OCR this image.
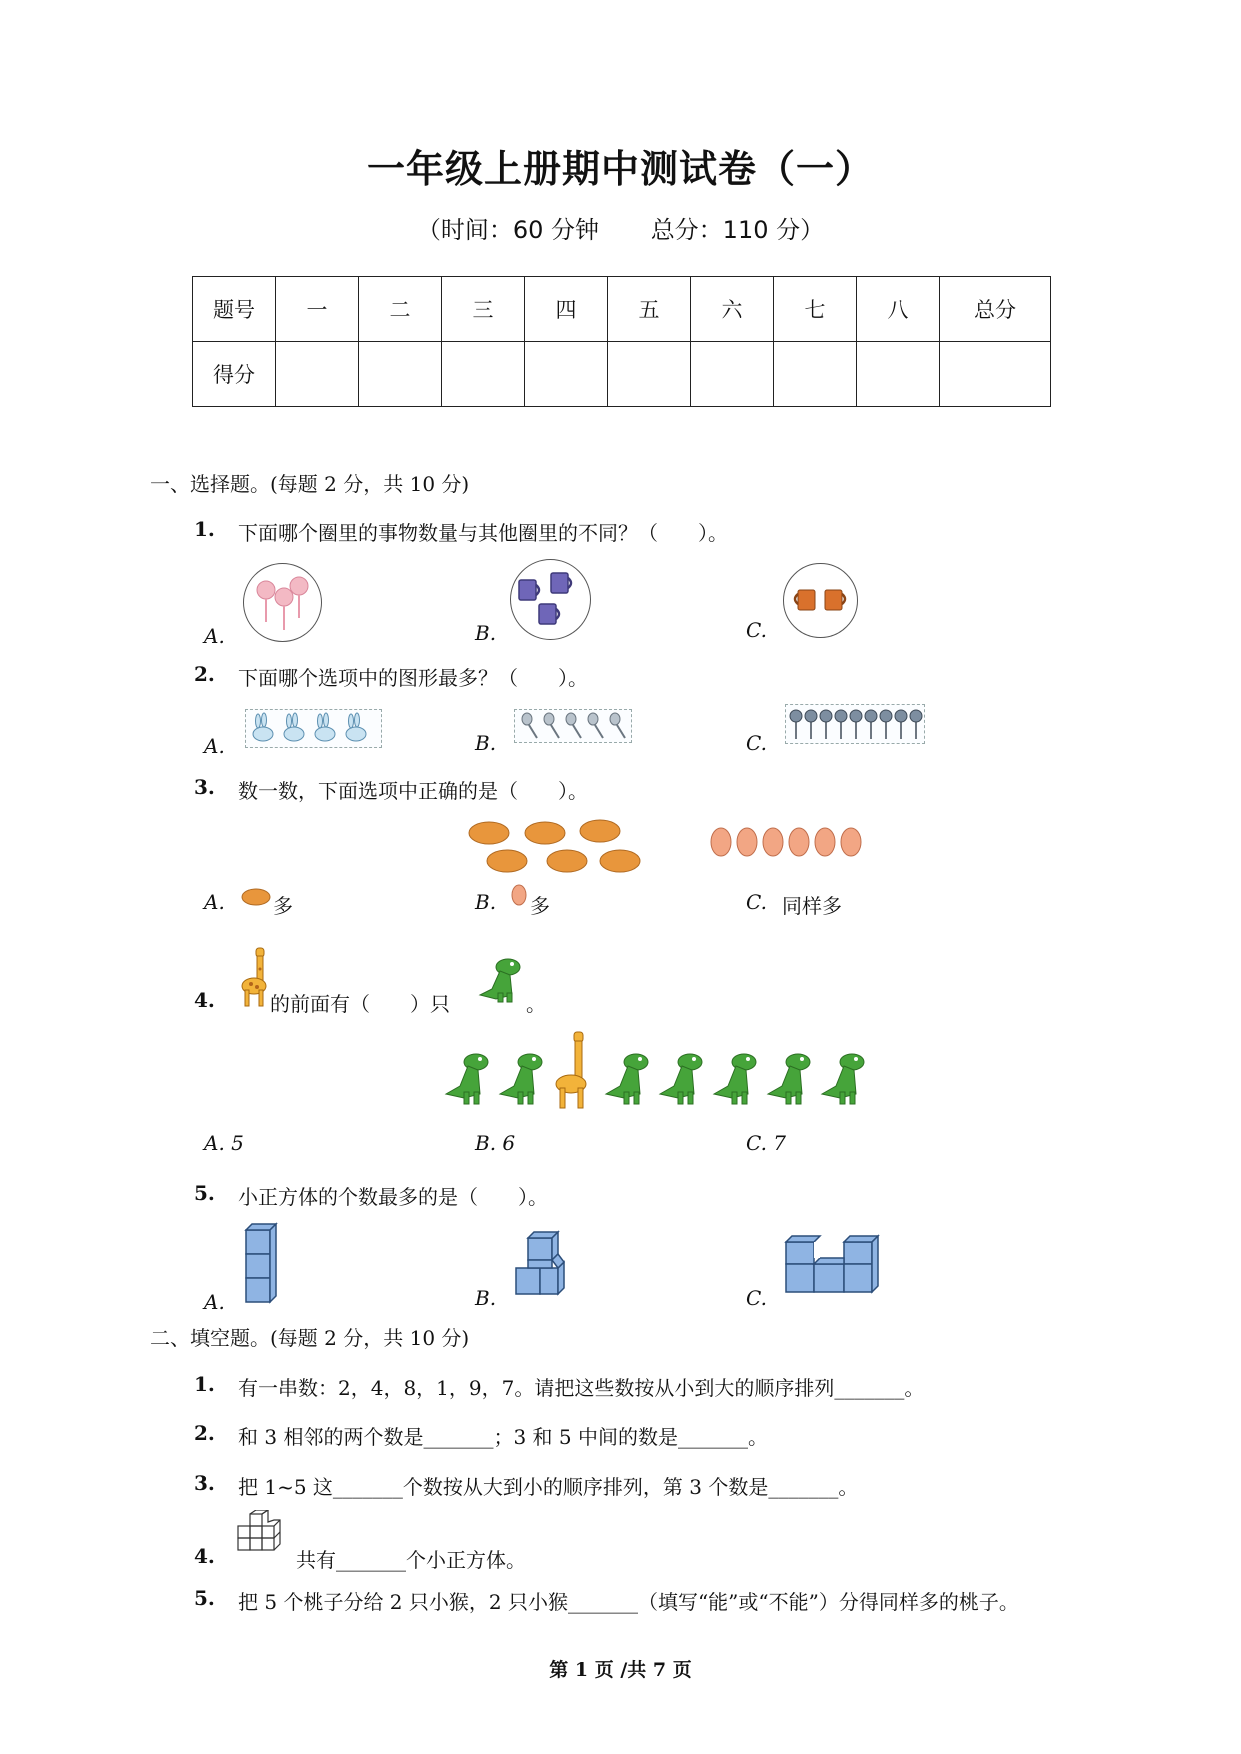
一年级上册期中测试卷（一）
（时间：60 分钟 总分：110 分）
题号	一	二	三	四	五	六	七	八	总分
得分									
一、选择题。(每题 2 分，共 10 分)
1. 下面哪个圈里的事物数量与其他圈里的不同？（　　）。
A.	B.	C.
2. 下面哪个选项中的图形最多？（　　）。
A.	B.	C.
3. 数一数，下面选项中正确的是（　　）。
A. 多	B. 多	C. 同样多
4.	的前面有（　　）只	。
A. 5	B. 6	C. 7
5. 小正方体的个数最多的是（　　）。
A.	B.	C.
二、填空题。(每题 2 分，共 10 分)
1. 有一串数：2，4，8，1，9，7。请把这些数按从小到大的顺序排列_______。
2. 和 3 相邻的两个数是_______；3 和 5 中间的数是_______。
3. 把 1~5 这_______个数按从大到小的顺序排列，第 3 个数是_______。
4.	共有_______个小正方体。
5. 把 5 个桃子分给 2 只小猴，2 只小猴_______（填写“能”或“不能”）分得同样多的桃子。
第 1 页 /共 7 页
